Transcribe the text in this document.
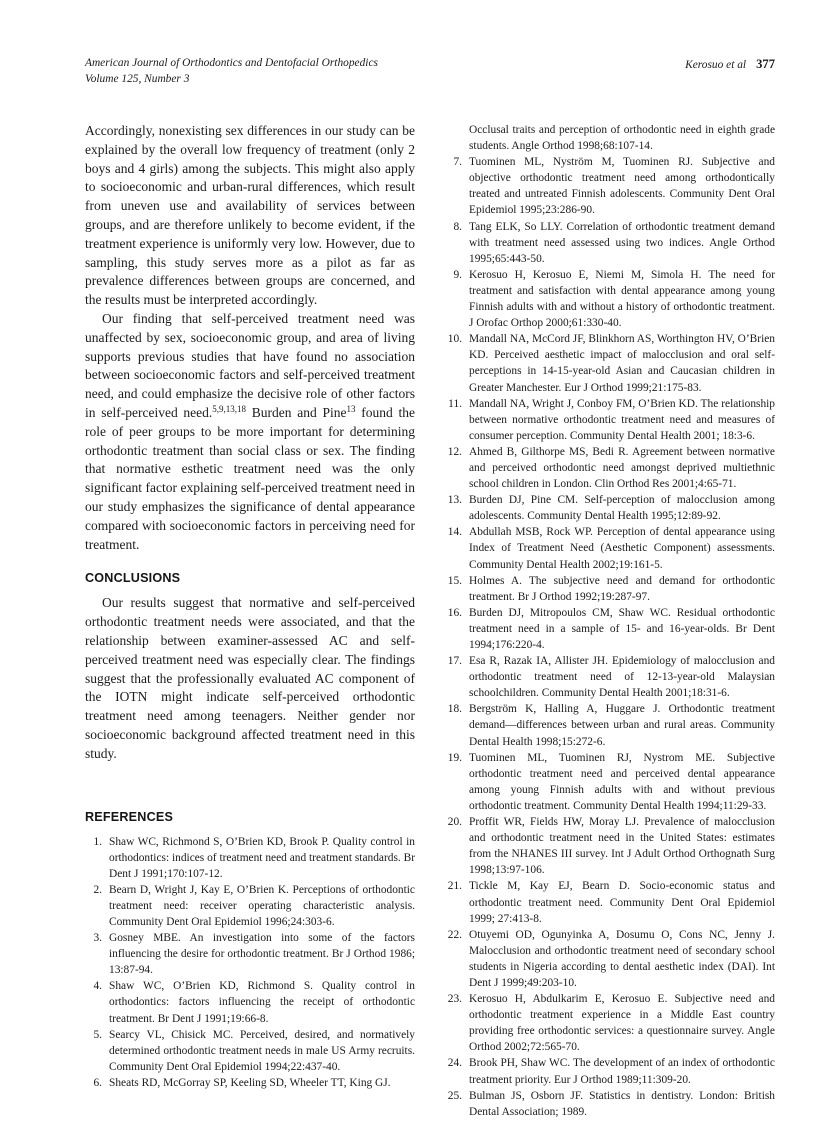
American Journal of Orthodontics and Dentofacial Orthopedics
Volume 125, Number 3
Kerosuo et al 377

Accordingly, nonexisting sex differences in our study can be explained by the overall low frequency of treatment (only 2 boys and 4 girls) among the subjects. This might also apply to socioeconomic and urban-rural differences, which result from uneven use and availability of services between groups, and are therefore unlikely to become evident, if the treatment experience is uniformly very low. However, due to sampling, this study serves more as a pilot as far as prevalence differences between groups are concerned, and the results must be interpreted accordingly.

Our finding that self-perceived treatment need was unaffected by sex, socioeconomic group, and area of living supports previous studies that have found no association between socioeconomic factors and self-perceived treatment need, and could emphasize the decisive role of other factors in self-perceived need.$^{5,9,13,18}$ Burden and Pine$^{13}$ found the role of peer groups to be more important for determining orthodontic treatment than social class or sex. The finding that normative esthetic treatment need was the only significant factor explaining self-perceived treatment need in our study emphasizes the significance of dental appearance compared with socioeconomic factors in perceiving need for treatment.

CONCLUSIONS

Our results suggest that normative and self-perceived orthodontic treatment needs were associated, and that the relationship between examiner-assessed AC and self-perceived treatment need was especially clear. The findings suggest that the professionally evaluated AC component of the IOTN might indicate self-perceived orthodontic treatment need among teenagers. Neither gender nor socioeconomic background affected treatment need in this study.

REFERENCES
1. Shaw WC, Richmond S, O’Brien KD, Brook P. Quality control in orthodontics: indices of treatment need and treatment standards. Br Dent J 1991;170:107-12.
2. Bearn D, Wright J, Kay E, O’Brien K. Perceptions of orthodontic treatment need: receiver operating characteristic analysis. Community Dent Oral Epidemiol 1996;24:303-6.
3. Gosney MBE. An investigation into some of the factors influencing the desire for orthodontic treatment. Br J Orthod 1986; 13:87-94.
4. Shaw WC, O’Brien KD, Richmond S. Quality control in orthodontics: factors influencing the receipt of orthodontic treatment. Br Dent J 1991;19:66-8.
5. Searcy VL, Chisick MC. Perceived, desired, and normatively determined orthodontic treatment needs in male US Army recruits. Community Dent Oral Epidemiol 1994;22:437-40.
6. Sheats RD, McGorray SP, Keeling SD, Wheeler TT, King GJ.
Occlusal traits and perception of orthodontic need in eighth grade students. Angle Orthod 1998;68:107-14.
7. Tuominen ML, Nyström M, Tuominen RJ. Subjective and objective orthodontic treatment need among orthodontically treated and untreated Finnish adolescents. Community Dent Oral Epidemiol 1995;23:286-90.
8. Tang ELK, So LLY. Correlation of orthodontic treatment demand with treatment need assessed using two indices. Angle Orthod 1995;65:443-50.
9. Kerosuo H, Kerosuo E, Niemi M, Simola H. The need for treatment and satisfaction with dental appearance among young Finnish adults with and without a history of orthodontic treatment. J Orofac Orthop 2000;61:330-40.
10. Mandall NA, McCord JF, Blinkhorn AS, Worthington HV, O’Brien KD. Perceived aesthetic impact of malocclusion and oral self-perceptions in 14-15-year-old Asian and Caucasian children in Greater Manchester. Eur J Orthod 1999;21:175-83.
11. Mandall NA, Wright J, Conboy FM, O’Brien KD. The relationship between normative orthodontic treatment need and measures of consumer perception. Community Dental Health 2001; 18:3-6.
12. Ahmed B, Gilthorpe MS, Bedi R. Agreement between normative and perceived orthodontic need amongst deprived multiethnic school children in London. Clin Orthod Res 2001;4:65-71.
13. Burden DJ, Pine CM. Self-perception of malocclusion among adolescents. Community Dental Health 1995;12:89-92.
14. Abdullah MSB, Rock WP. Perception of dental appearance using Index of Treatment Need (Aesthetic Component) assessments. Community Dental Health 2002;19:161-5.
15. Holmes A. The subjective need and demand for orthodontic treatment. Br J Orthod 1992;19:287-97.
16. Burden DJ, Mitropoulos CM, Shaw WC. Residual orthodontic treatment need in a sample of 15- and 16-year-olds. Br Dent 1994;176:220-4.
17. Esa R, Razak IA, Allister JH. Epidemiology of malocclusion and orthodontic treatment need of 12-13-year-old Malaysian schoolchildren. Community Dental Health 2001;18:31-6.
18. Bergström K, Halling A, Huggare J. Orthodontic treatment demand—differences between urban and rural areas. Community Dental Health 1998;15:272-6.
19. Tuominen ML, Tuominen RJ, Nystrom ME. Subjective orthodontic treatment need and perceived dental appearance among young Finnish adults with and without previous orthodontic treatment. Community Dental Health 1994;11:29-33.
20. Proffit WR, Fields HW, Moray LJ. Prevalence of malocclusion and orthodontic treatment need in the United States: estimates from the NHANES III survey. Int J Adult Orthod Orthognath Surg 1998;13:97-106.
21. Tickle M, Kay EJ, Bearn D. Socio-economic status and orthodontic treatment need. Community Dent Oral Epidemiol 1999; 27:413-8.
22. Otuyemi OD, Ogunyinka A, Dosumu O, Cons NC, Jenny J. Malocclusion and orthodontic treatment need of secondary school students in Nigeria according to dental aesthetic index (DAI). Int Dent J 1999;49:203-10.
23. Kerosuo H, Abdulkarim E, Kerosuo E. Subjective need and orthodontic treatment experience in a Middle East country providing free orthodontic services: a questionnaire survey. Angle Orthod 2002;72:565-70.
24. Brook PH, Shaw WC. The development of an index of orthodontic treatment priority. Eur J Orthod 1989;11:309-20.
25. Bulman JS, Osborn JF. Statistics in dentistry. London: British Dental Association; 1989.
